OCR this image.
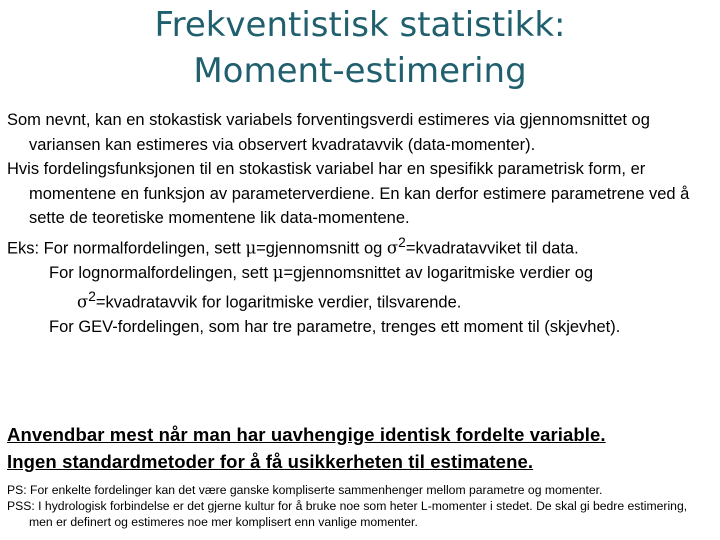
Frekventistisk statistikk:
Moment-estimering

Som nevnt, kan en stokastisk variabels forventingsverdi estimeres via gjennomsnittet og variansen kan estimeres via observert kvadratavvik (data-momenter).

Hvis fordelingsfunksjonen til en stokastisk variabel har en spesifikk parametrisk form, er momentene en funksjon av parameterverdiene. En kan derfor estimere parametrene ved å sette de teoretiske momentene lik data-momentene.

Eks: For normalfordelingen, sett μ=gjennomsnitt og $\sigma^2=kvadratavviket$ til data.

For lognormalfordelingen, sett μ=gjennomsnittet av logaritmiske verdier og $\sigma^2=kvadratavvik$ for logaritmiske verdier, tilsvarende.

For GEV-fordelingen, som har tre parametre, trenges ett moment til (skjevhet).

Anvendbar mest når man har uavhengige identisk fordelte variable.
Ingen standardmetoder for å få usikkerheten til estimatene.

PS: For enkelte fordelinger kan det være ganske kompliserte sammenhenger mellom parametre og momenter.

PSS: I hydrologisk forbindelse er det gjerne kultur for å bruke noe som heter L-momenter i stedet. De skal gi bedre estimering, men er definert og estimeres noe mer komplisert enn vanlige momenter.
